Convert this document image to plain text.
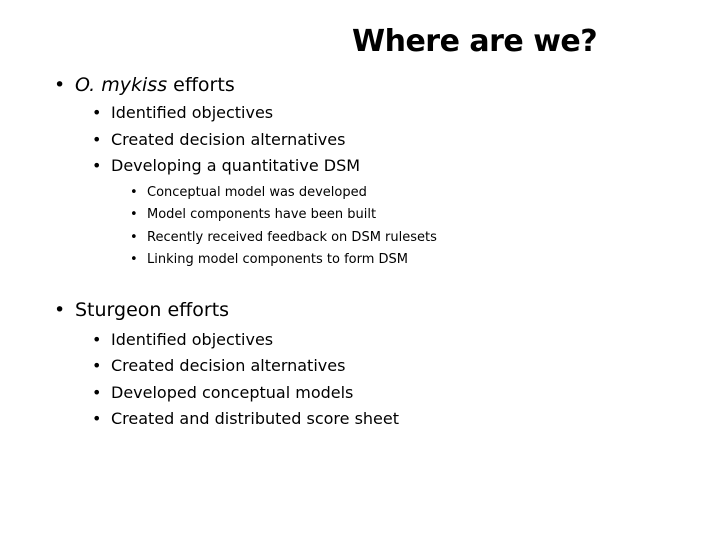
Where are we?
• O. mykiss efforts
• Identified objectives
• Created decision alternatives
• Developing a quantitative DSM
• Conceptual model was developed
• Model components have been built
• Recently received feedback on DSM rulesets
• Linking model components to form DSM
• Sturgeon efforts
• Identified objectives
• Created decision alternatives
• Developed conceptual models
• Created and distributed score sheet
